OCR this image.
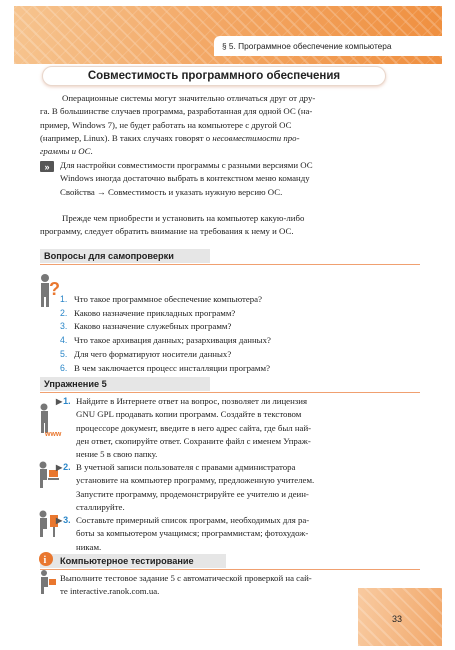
§ 5. Программное обеспечение компьютера
Совместимость программного обеспечения
Операционные системы могут значительно отличаться друг от дру-
га. В большинстве случаев программа, разработанная для одной ОС (на-
пример, Windows 7), не будет работать на компьютере с другой ОС
(например, Linux). В таких случаях говорят о несовместимости про-
граммы и ОС.
»	Для настройки совместимости программы с разными версиями ОС
Windows иногда достаточно выбрать в контекстном меню команду
Свойства → Совместимость и указать нужную версию ОС.
Прежде чем приобрести и установить на компьютер какую-либо
программу, следует обратить внимание на требования к нему и ОС.
Вопросы для самопроверки
? 1. Что такое программное обеспечение компьютера?
2. Каково назначение прикладных программ?
3. Каково назначение служебных программ?
4. Что такое архивация данных; разархивация данных?
5. Для чего форматируют носители данных?
6. В чем заключается процесс инсталляции программ?
Упражнение 5
www
▶1. Найдите в Интернете ответ на вопрос, позволяет ли лицензия
GNU GPL продавать копии программ. Создайте в текстовом
процессоре документ, введите в него адрес сайта, где был най-
ден ответ, скопируйте ответ. Сохраните файл с именем Упраж-
нение 5 в свою папку.
▶2. В учетной записи пользователя с правами администратора
установите на компьютер программу, предложенную учителем.
Запустите программу, продемонстрируйте ее учителю и деин-
сталлируйте.
▶3. Составьте примерный список программ, необходимых для ра-
боты за компьютером учащимся; программистам; фотохудож-
никам.
Компьютерное тестирование
i
Выполните тестовое задание 5 с автоматической проверкой на сай-
те interactive.ranok.com.ua.
33
